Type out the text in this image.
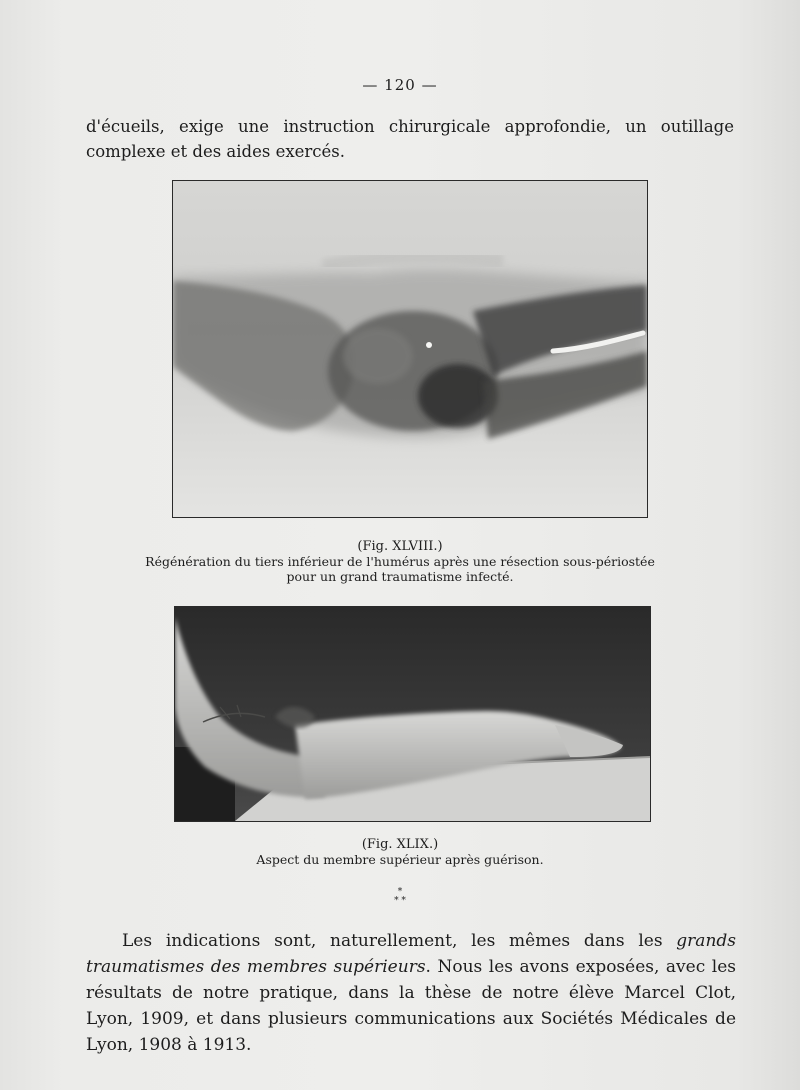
— 120 —
d'écueils, exige une instruction chirurgicale approfondie, un outillage complexe et des aides exercés.
(Fig. XLVIII.)
Régénération du tiers inférieur de l'humérus après une résection sous-périostée pour un grand traumatisme infecté.
(Fig. XLIX.)
Aspect du membre supérieur après guérison.
*
* *
Les indications sont, naturellement, les mêmes dans les grands traumatismes des membres supérieurs. Nous les avons exposées, avec les résultats de notre pratique, dans la thèse de notre élève Marcel Clot, Lyon, 1909, et dans plusieurs communications aux Sociétés Médicales de Lyon, 1908 à 1913.
